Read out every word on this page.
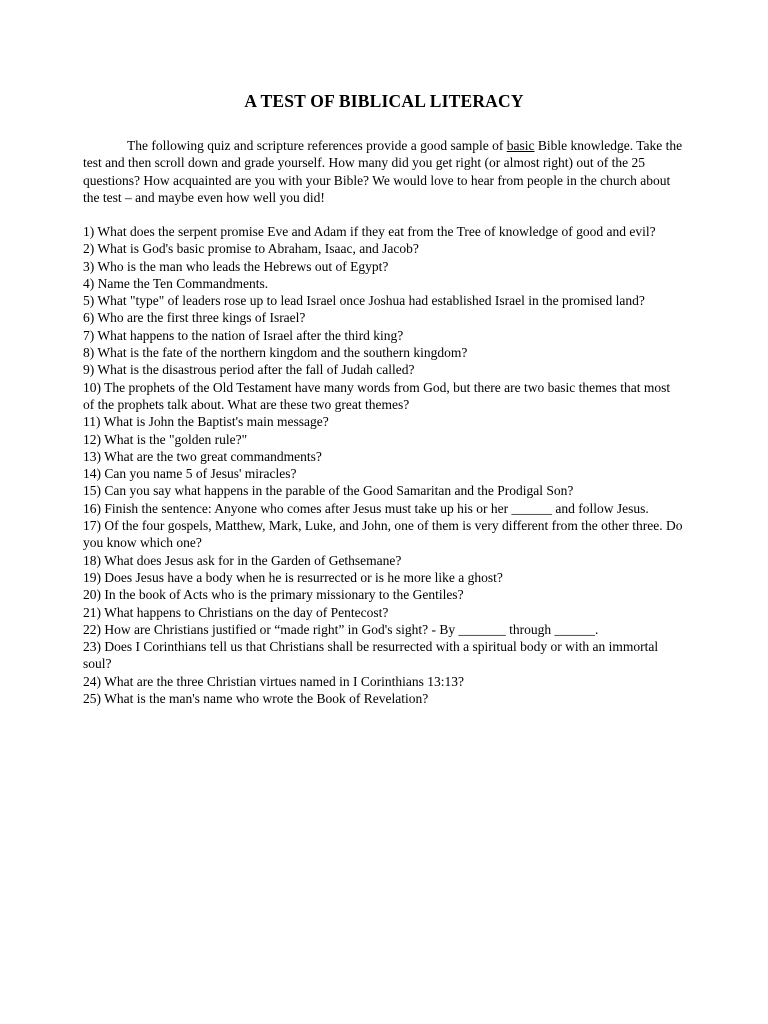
A TEST OF BIBLICAL LITERACY

The following quiz and scripture references provide a good sample of basic Bible knowledge. Take the test and then scroll down and grade yourself. How many did you get right (or almost right) out of the 25 questions? How acquainted are you with your Bible? We would love to hear from people in the church about the test – and maybe even how well you did!

1) What does the serpent promise Eve and Adam if they eat from the Tree of knowledge of good and evil?
2) What is God's basic promise to Abraham, Isaac, and Jacob?
3) Who is the man who leads the Hebrews out of Egypt?
4) Name the Ten Commandments.
5) What "type" of leaders rose up to lead Israel once Joshua had established Israel in the promised land?
6) Who are the first three kings of Israel?
7) What happens to the nation of Israel after the third king?
8) What is the fate of the northern kingdom and the southern kingdom?
9) What is the disastrous period after the fall of Judah called?
10) The prophets of the Old Testament have many words from God, but there are two basic themes that most of the prophets talk about. What are these two great themes?
11) What is John the Baptist's main message?
12) What is the "golden rule?"
13) What are the two great commandments?
14) Can you name 5 of Jesus' miracles?
15) Can you say what happens in the parable of the Good Samaritan and the Prodigal Son?
16) Finish the sentence: Anyone who comes after Jesus must take up his or her ______ and follow Jesus.
17) Of the four gospels, Matthew, Mark, Luke, and John, one of them is very different from the other three. Do you know which one?
18) What does Jesus ask for in the Garden of Gethsemane?
19) Does Jesus have a body when he is resurrected or is he more like a ghost?
20) In the book of Acts who is the primary missionary to the Gentiles?
21) What happens to Christians on the day of Pentecost?
22) How are Christians justified or “made right” in God's sight? - By _______ through ______.
23) Does I Corinthians tell us that Christians shall be resurrected with a spiritual body or with an immortal soul?
24) What are the three Christian virtues named in I Corinthians 13:13?
25) What is the man's name who wrote the Book of Revelation?
